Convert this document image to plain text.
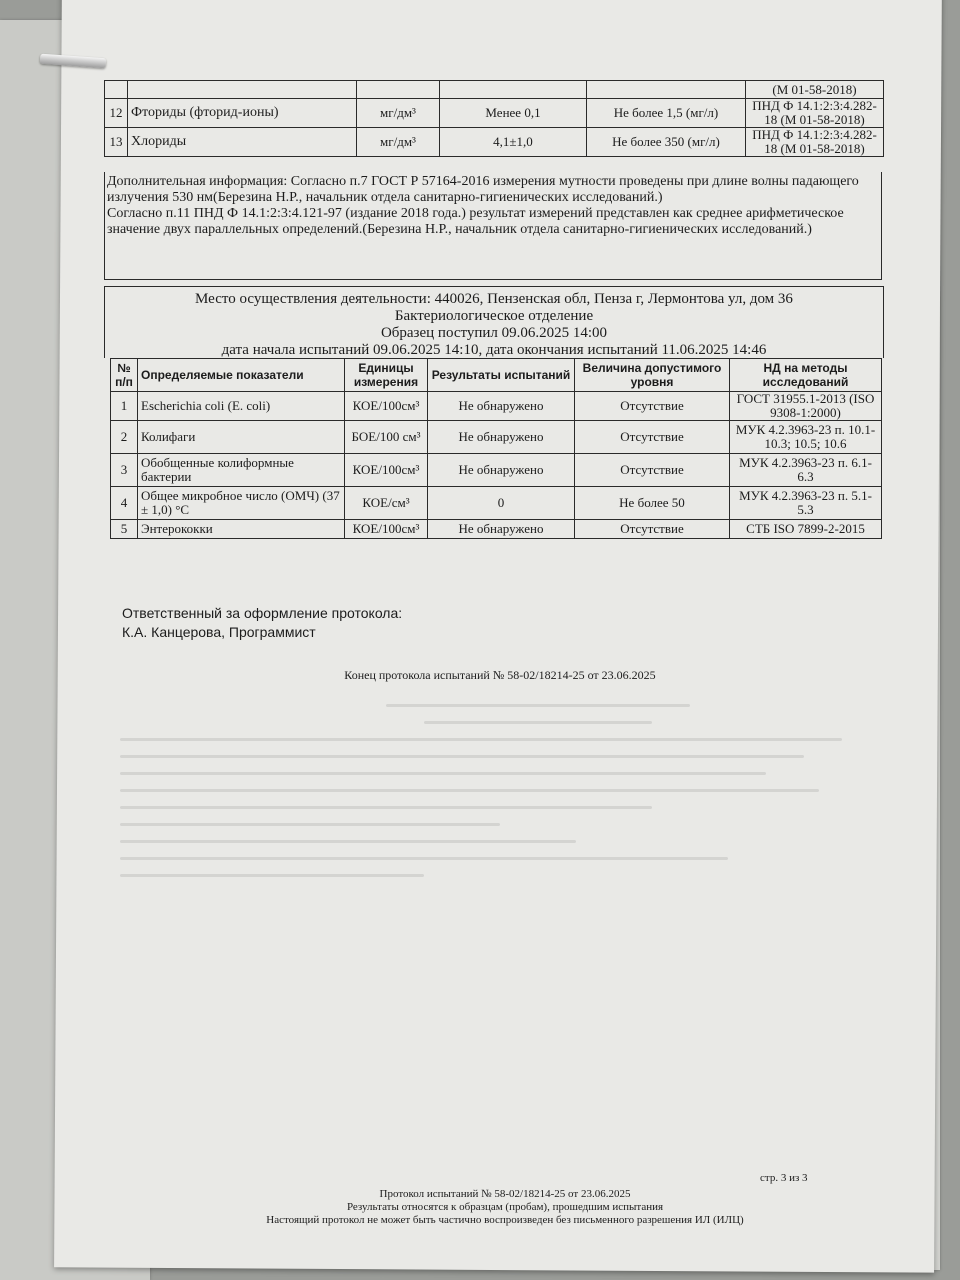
					(М 01-58-2018)
12	Фториды (фторид-ионы)	мг/дм³	Менее 0,1	Не более 1,5 (мг/л)	ПНД Ф 14.1:2:3:4.282-18 (М 01-58-2018)
13	Хлориды	мг/дм³	4,1±1,0	Не более 350 (мг/л)	ПНД Ф 14.1:2:3:4.282-18 (М 01-58-2018)

Дополнительная информация: Согласно п.7 ГОСТ Р 57164-2016 измерения мутности проведены при длине волны падающего излучения 530 нм(Березина Н.Р., начальник отдела санитарно-гигиенических исследований.)

Согласно п.11 ПНД Ф 14.1:2:3:4.121-97 (издание 2018 года.) результат измерений представлен как среднее арифметическое значение двух параллельных определений.(Березина Н.Р., начальник отдела санитарно-гигиенических исследований.)

Место осуществления деятельности: 440026, Пензенская обл, Пенза г, Лермонтова ул, дом 36
Бактериологическое отделение
Образец поступил 09.06.2025 14:00
дата начала испытаний 09.06.2025 14:10, дата окончания испытаний 11.06.2025 14:46
№ п/п	Определяемые показатели	Единицы измерения	Результаты испытаний	Величина допустимого уровня	НД на методы исследований
1	Escherichia coli (E. coli)	КОЕ/100см³	Не обнаружено	Отсутствие	ГОСТ 31955.1-2013 (ISO 9308-1:2000)
2	Колифаги	БОЕ/100 см³	Не обнаружено	Отсутствие	МУК 4.2.3963-23 п. 10.1-10.3; 10.5; 10.6
3	Обобщенные колиформные бактерии	КОЕ/100см³	Не обнаружено	Отсутствие	МУК 4.2.3963-23 п. 6.1-6.3
4	Общее микробное число (ОМЧ) (37 ± 1,0) °С	КОЕ/см³	0	Не более 50	МУК 4.2.3963-23 п. 5.1-5.3
5	Энтерококки	КОЕ/100см³	Не обнаружено	Отсутствие	СТБ ISO 7899-2-2015
Ответственный за оформление протокола:
К.А. Канцерова, Программист
Конец протокола испытаний № 58-02/18214-25 от 23.06.2025
стр. 3 из 3
Протокол испытаний № 58-02/18214-25 от 23.06.2025
Результаты относятся к образцам (пробам), прошедшим испытания
Настоящий протокол не может быть частично воспроизведен без письменного разрешения ИЛ (ИЛЦ)
